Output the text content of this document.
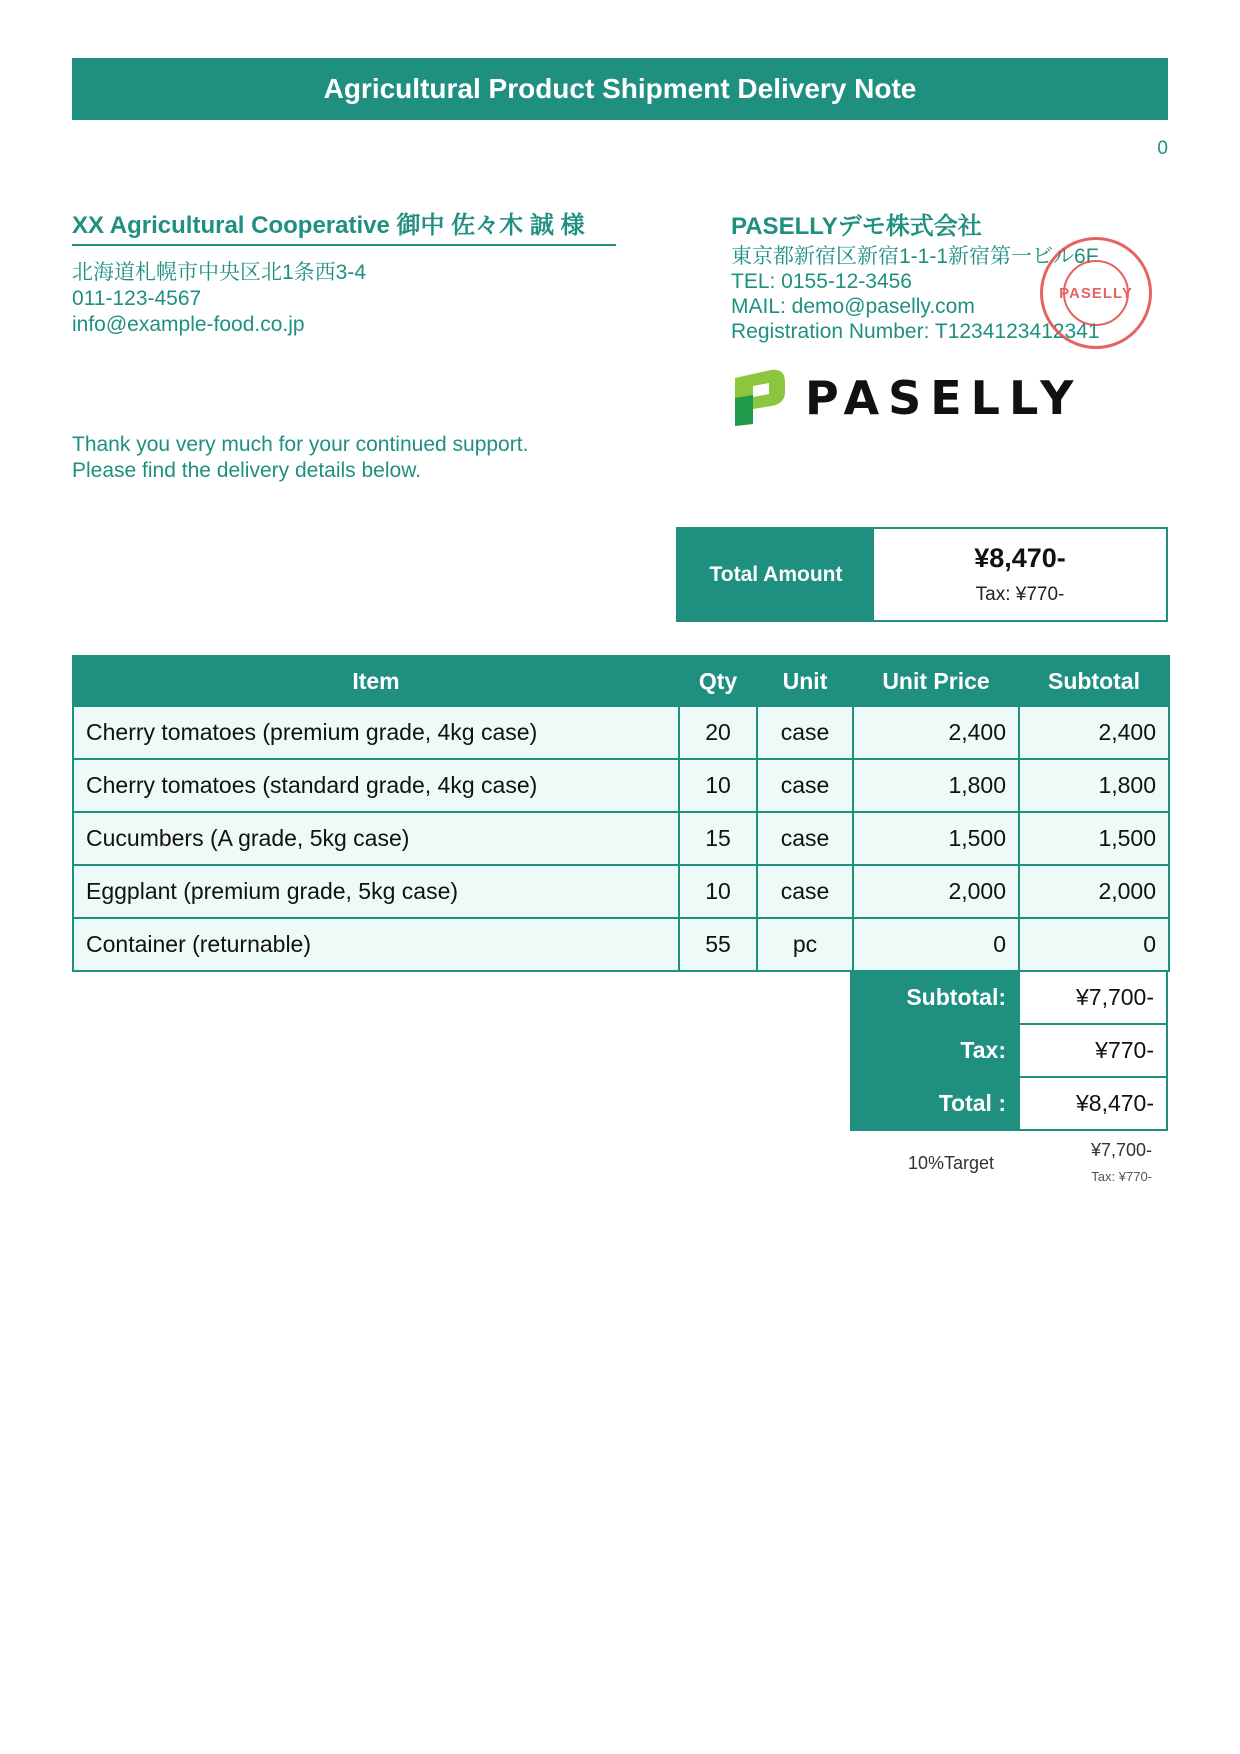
Agricultural Product Shipment Delivery Note
0
XX Agricultural Cooperative 御中 佐々木 誠 様
北海道札幌市中央区北1条西3-4
011-123-4567
info@example-food.co.jp
Thank you very much for your continued support.
Please find the delivery details below.
PASELLYデモ株式会社
東京都新宿区新宿1-1-1新宿第一ビル6F
TEL: 0155-12-3456
MAIL: demo@paselly.com
Registration Number: T1234123412341
PASELLY
PASELLY
Total Amount
¥8,470-
Tax: ¥770-
Item	Qty	Unit	Unit Price	Subtotal
Cherry tomatoes (premium grade, 4kg case)	20	case	2,400	2,400
Cherry tomatoes (standard grade, 4kg case)	10	case	1,800	1,800
Cucumbers (A grade, 5kg case)	15	case	1,500	1,500
Eggplant (premium grade, 5kg case)	10	case	2,000	2,000
Container (returnable)	55	pc	0	0
Subtotal:	¥7,700-
Tax:	¥770-
Total :	¥8,470-
10%Target
¥7,700-
Tax: ¥770-
